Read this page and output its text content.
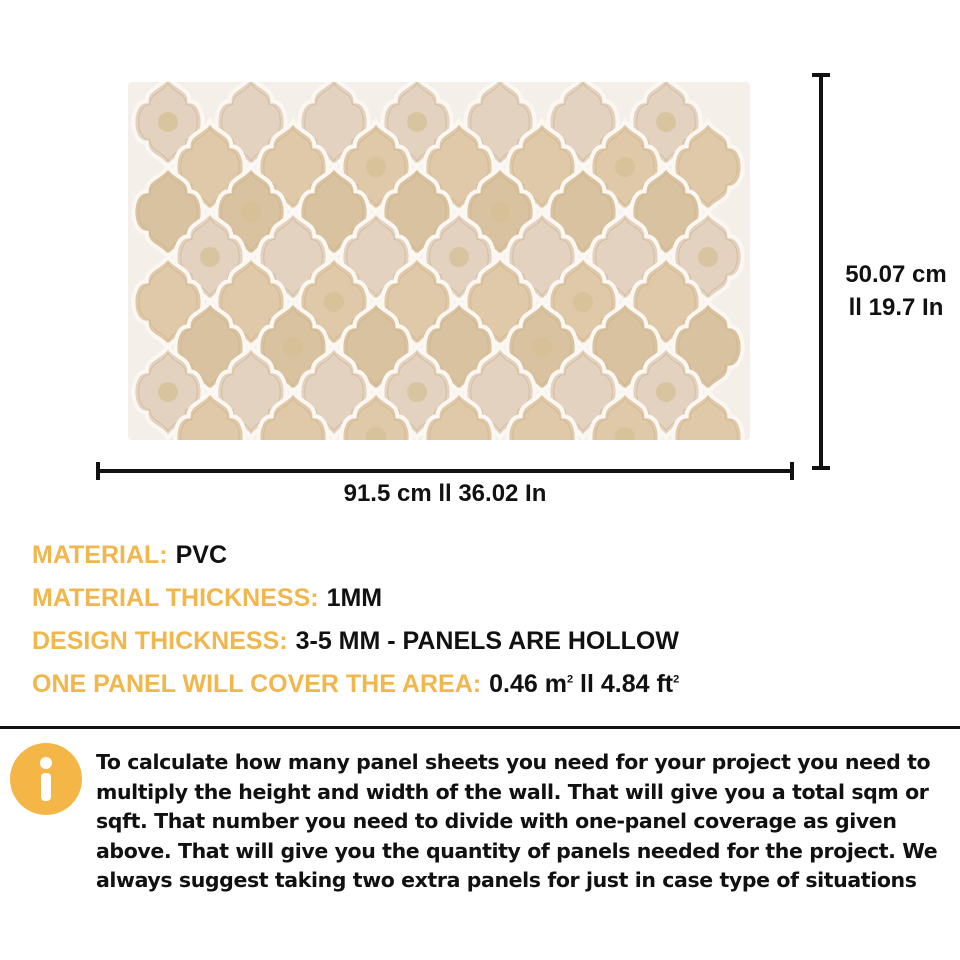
50.07 cm
ll 19.7 In
91.5 cm ll 36.02 In
MATERIAL: PVC
MATERIAL THICKNESS: 1MM
DESIGN THICKNESS: 3-5 MM - PANELS ARE HOLLOW
ONE PANEL WILL COVER THE AREA: 0.46 $m^2$ ll 4.84 $ft^2$
To calculate how many panel sheets you need for your project you need to multiply the height and width of the wall. That will give you a total sqm or sqft. That number you need to divide with one-panel coverage as given above. That will give you the quantity of panels needed for the project. We always suggest taking two extra panels for just in case type of situations
